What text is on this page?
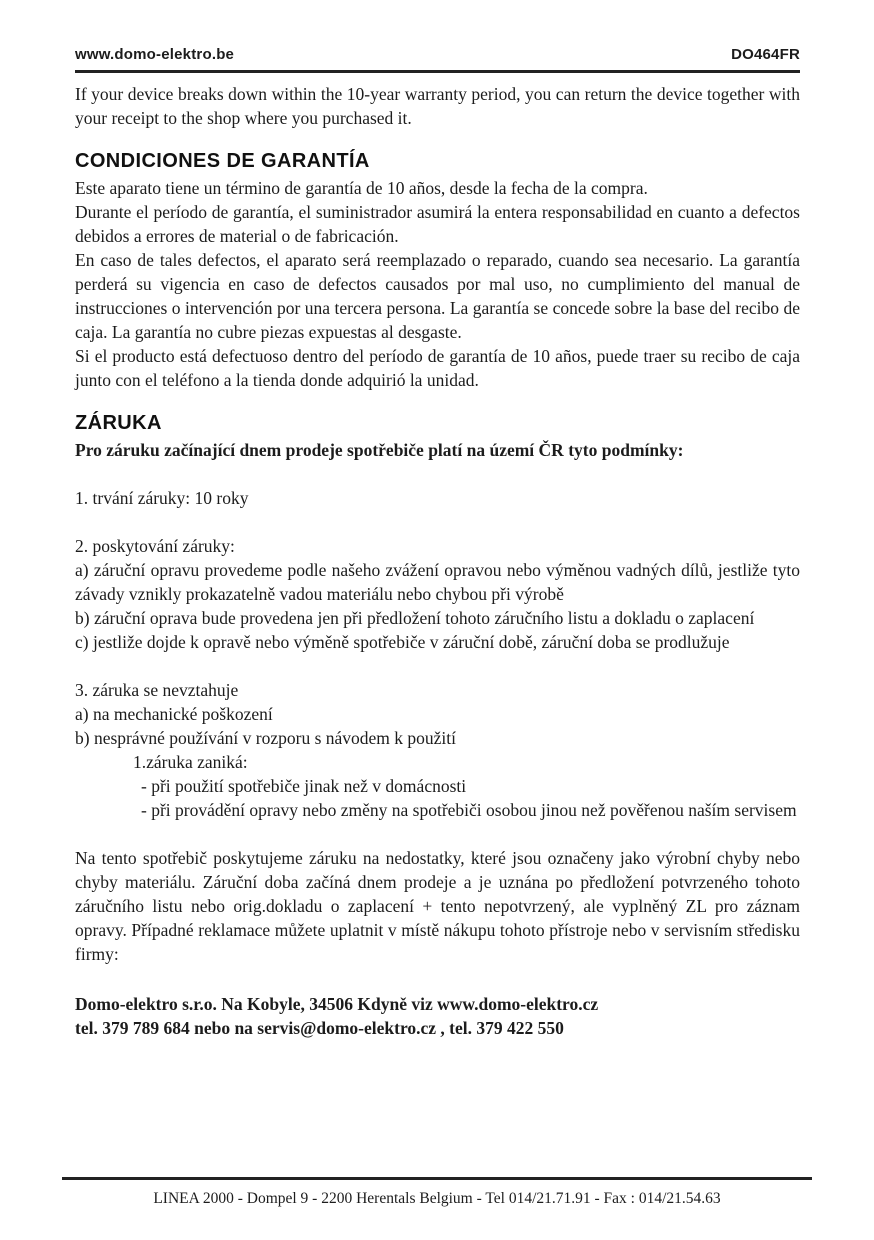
www.domo-elektro.be	DO464FR

If your device breaks down within the 10-year warranty period, you can return the device together with your receipt to the shop where you purchased it.

CONDICIONES DE GARANTÍA

Este aparato tiene un término de garantía de 10 años, desde la fecha de la compra.

Durante el período de garantía, el suministrador asumirá la entera responsabilidad en cuanto a defectos debidos a errores de material o de fabricación.

En caso de tales defectos, el aparato será reemplazado o reparado, cuando sea necesario. La garantía perderá su vigencia en caso de defectos causados por mal uso, no cumplimiento del manual de instrucciones o intervención por una tercera persona. La garantía se concede sobre la base del recibo de caja. La garantía no cubre piezas expuestas al desgaste.

Si el producto está defectuoso dentro del período de garantía de 10 años, puede traer su recibo de caja junto con el teléfono a la tienda donde adquirió la unidad.

ZÁRUKA

Pro záruku začínající dnem prodeje spotřebiče platí na území ČR tyto podmínky:

1. trvání záruky: 10 roky

2. poskytování záruky:

a) záruční opravu provedeme podle našeho zvážení opravou nebo výměnou vadných dílů, jestliže tyto závady vznikly prokazatelně vadou materiálu nebo chybou při výrobě

b) záruční oprava bude provedena jen při předložení tohoto záručního listu a dokladu o zaplacení

c) jestliže dojde k opravě nebo výměně spotřebiče v záruční době, záruční doba se prodlužuje

3. záruka se nevztahuje

a) na mechanické poškození

b) nesprávné používání v rozporu s návodem k použití

1.záruka zaniká:

- při použití spotřebiče jinak než v domácnosti

- při provádění opravy nebo změny na spotřebiči osobou jinou než pověřenou naším servisem

Na tento spotřebič poskytujeme záruku na nedostatky, které jsou označeny jako výrobní chyby nebo chyby materiálu. Záruční doba začíná dnem prodeje a je uznána po předložení potvrzeného tohoto záručního listu nebo orig.dokladu o zaplacení + tento nepotvrzený, ale vyplněný ZL pro záznam opravy. Případné reklamace můžete uplatnit v místě nákupu tohoto přístroje nebo v servisním středisku firmy:

Domo-elektro s.r.o. Na Kobyle, 34506 Kdyně viz www.domo-elektro.cz

tel. 379 789 684 nebo na servis@domo-elektro.cz , tel. 379 422 550

LINEA 2000 - Dompel 9 - 2200 Herentals Belgium - Tel 014/21.71.91 - Fax : 014/21.54.63
